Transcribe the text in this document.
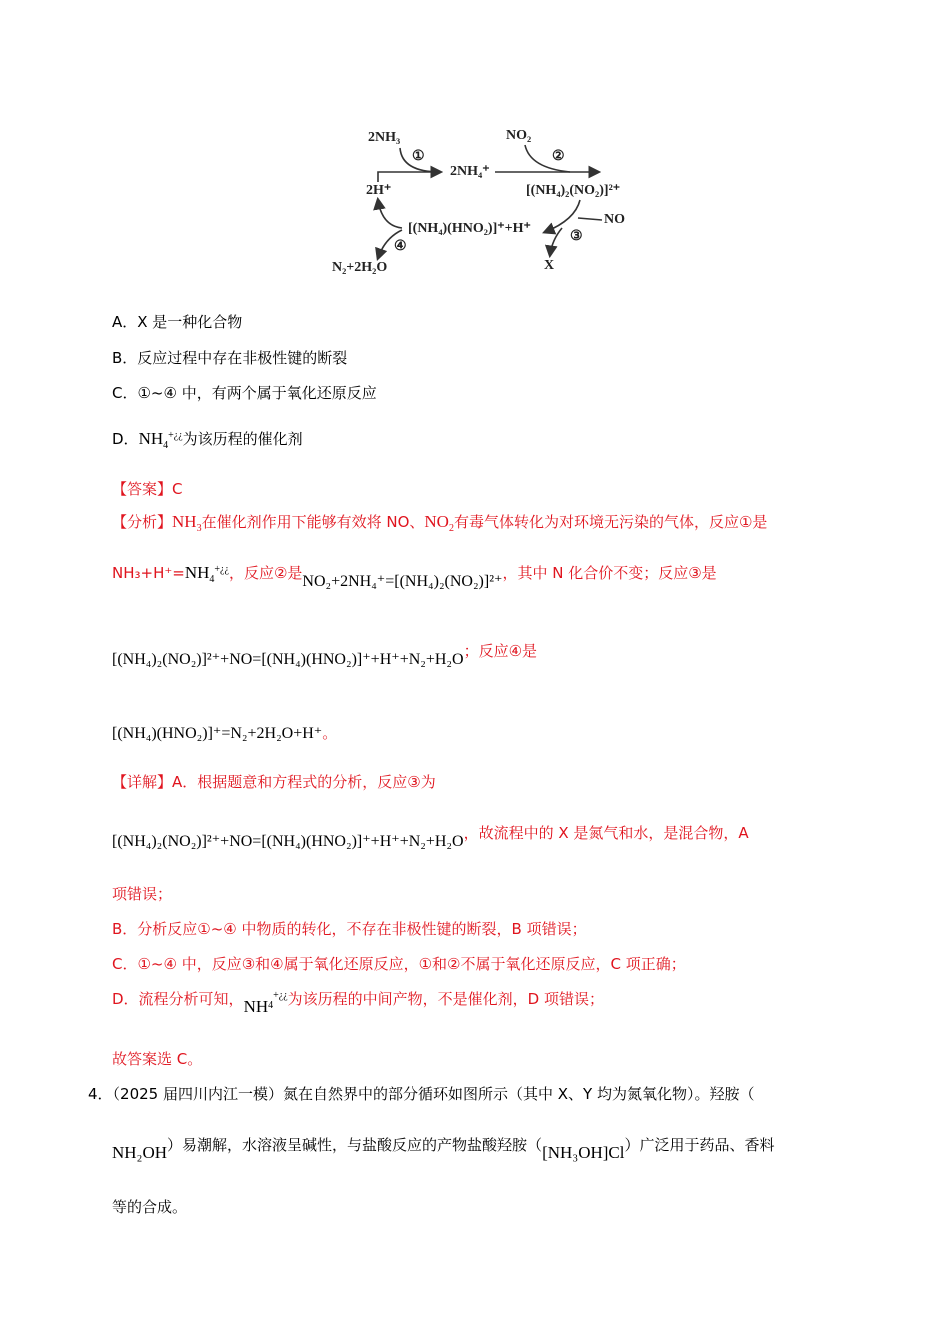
2NH₃
①
2NH₄⁺
NO₂
②
[(NH₄)₂(NO₂)]²⁺
2H⁺
[(NH₄)(HNO₂)]⁺+H⁺
NO
③
X
④
N₂+2H₂O
A．X 是一种化合物
B．反应过程中存在非极性键的断裂
C．①~④ 中，有两个属于氧化还原反应
D．$NH_4^{+¿¿}$为该历程的催化剂
【答案】C
【分析】$NH_3$在催化剂作用下能够有效将 NO、$NO_2$有毒气体转化为对环境无污染的气体，反应①是
$NH_3+H^+=NH_4^{+¿¿}$，反应②是NO₂+2NH₄⁺=[(NH₄)₂(NO₂)]²⁺，其中 N 化合价不变；反应③是
[(NH₄)₂(NO₂)]²⁺+NO=[(NH₄)(HNO₂)]⁺+H⁺+N₂+H₂O；反应④是
[(NH₄)(HNO₂)]⁺=N₂+2H₂O+H⁺。
【详解】A．根据题意和方程式的分析，反应③为
[(NH₄)₂(NO₂)]²⁺+NO=[(NH₄)(HNO₂)]⁺+H⁺+N₂+H₂O，故流程中的 X 是氮气和水，是混合物，A
项错误；
B．分析反应①~④ 中物质的转化，不存在非极性键的断裂，B 项错误；
C．①~④ 中，反应③和④属于氧化还原反应，①和②不属于氧化还原反应，C 项正确；
D．流程分析可知，$NH_4^{+¿¿}$为该历程的中间产物，不是催化剂，D 项错误；
故答案选 C。
4．（2025 届四川内江一模）氮在自然界中的部分循环如图所示（其中 X、Y 均为氮氧化物）。羟胺（
NH₂OH）易潮解，水溶液呈碱性，与盐酸反应的产物盐酸羟胺（[NH₃OH]Cl）广泛用于药品、香料
等的合成。
